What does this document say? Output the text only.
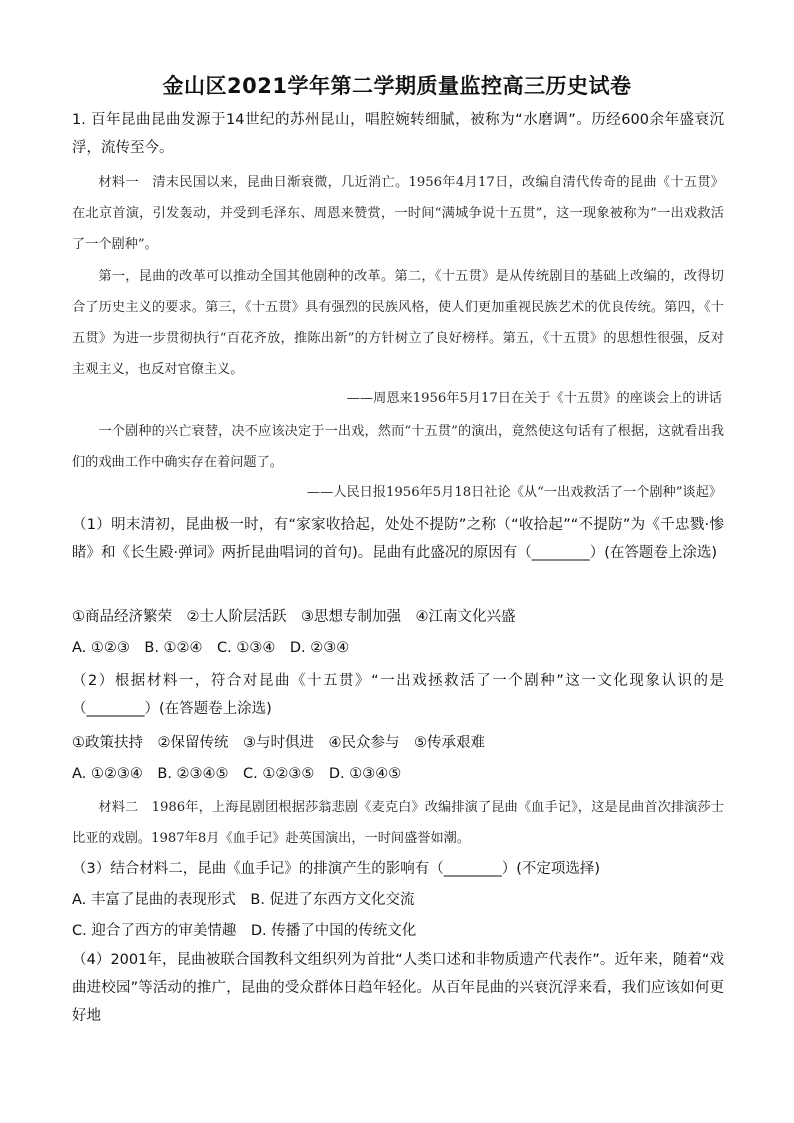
金山区2021学年第二学期质量监控高三历史试卷

1. 百年昆曲昆曲发源于14世纪的苏州昆山，唱腔婉转细腻，被称为“水磨调”。历经600余年盛衰沉浮，流传至今。

材料一　清末民国以来，昆曲日渐衰微，几近消亡。1956年4月17日，改编自清代传奇的昆曲《十五贯》在北京首演，引发轰动，并受到毛泽东、周恩来赞赏，一时间“满城争说十五贯”，这一现象被称为“一出戏救活了一个剧种”。

第一，昆曲的改革可以推动全国其他剧种的改革。第二，《十五贯》是从传统剧目的基础上改编的，改得切合了历史主义的要求。第三，《十五贯》具有强烈的民族风格，使人们更加重视民族艺术的优良传统。第四，《十五贯》为进一步贯彻执行“百花齐放，推陈出新”的方针树立了良好榜样。第五，《十五贯》的思想性很强，反对主观主义，也反对官僚主义。

——周恩来1956年5月17日在关于《十五贯》的座谈会上的讲话

一个剧种的兴亡衰替，决不应该决定于一出戏，然而“十五贯”的演出，竟然使这句话有了根据，这就看出我们的戏曲工作中确实存在着问题了。

——人民日报1956年5月18日社论《从“一出戏救活了一个剧种”谈起》

（1）明末清初，昆曲极一时，有“家家收拾起，处处不提防”之称（“收拾起”“不提防”为《千忠戮·惨睹》和《长生殿·弹词》两折昆曲唱词的首句)。昆曲有此盛况的原因有（________）(在答题卷上涂选)

①商品经济繁荣　②士人阶层活跃　③思想专制加强　④江南文化兴盛

A. ①②③　B. ①②④　C. ①③④　D. ②③④

（2）根据材料一，符合对昆曲《十五贯》“一出戏拯救活了一个剧种”这一文化现象认识的是（________）(在答题卷上涂选)

①政策扶持　②保留传统　③与时俱进　④民众参与　⑤传承艰难

A. ①②③④　B. ②③④⑤　C. ①②③⑤　D. ①③④⑤

材料二　1986年，上海昆剧团根据莎翁悲剧《麦克白》改编排演了昆曲《血手记》，这是昆曲首次排演莎士比亚的戏剧。1987年8月《血手记》赴英国演出，一时间盛誉如潮。

（3）结合材料二，昆曲《血手记》的排演产生的影响有（________）(不定项选择)

A. 丰富了昆曲的表现形式　B. 促进了东西方文化交流

C. 迎合了西方的审美情趣　D. 传播了中国的传统文化

（4）2001年，昆曲被联合国教科文组织列为首批“人类口述和非物质遗产代表作”。近年来，随着“戏曲进校园”等活动的推广，昆曲的受众群体日趋年轻化。从百年昆曲的兴衰沉浮来看，我们应该如何更好地
